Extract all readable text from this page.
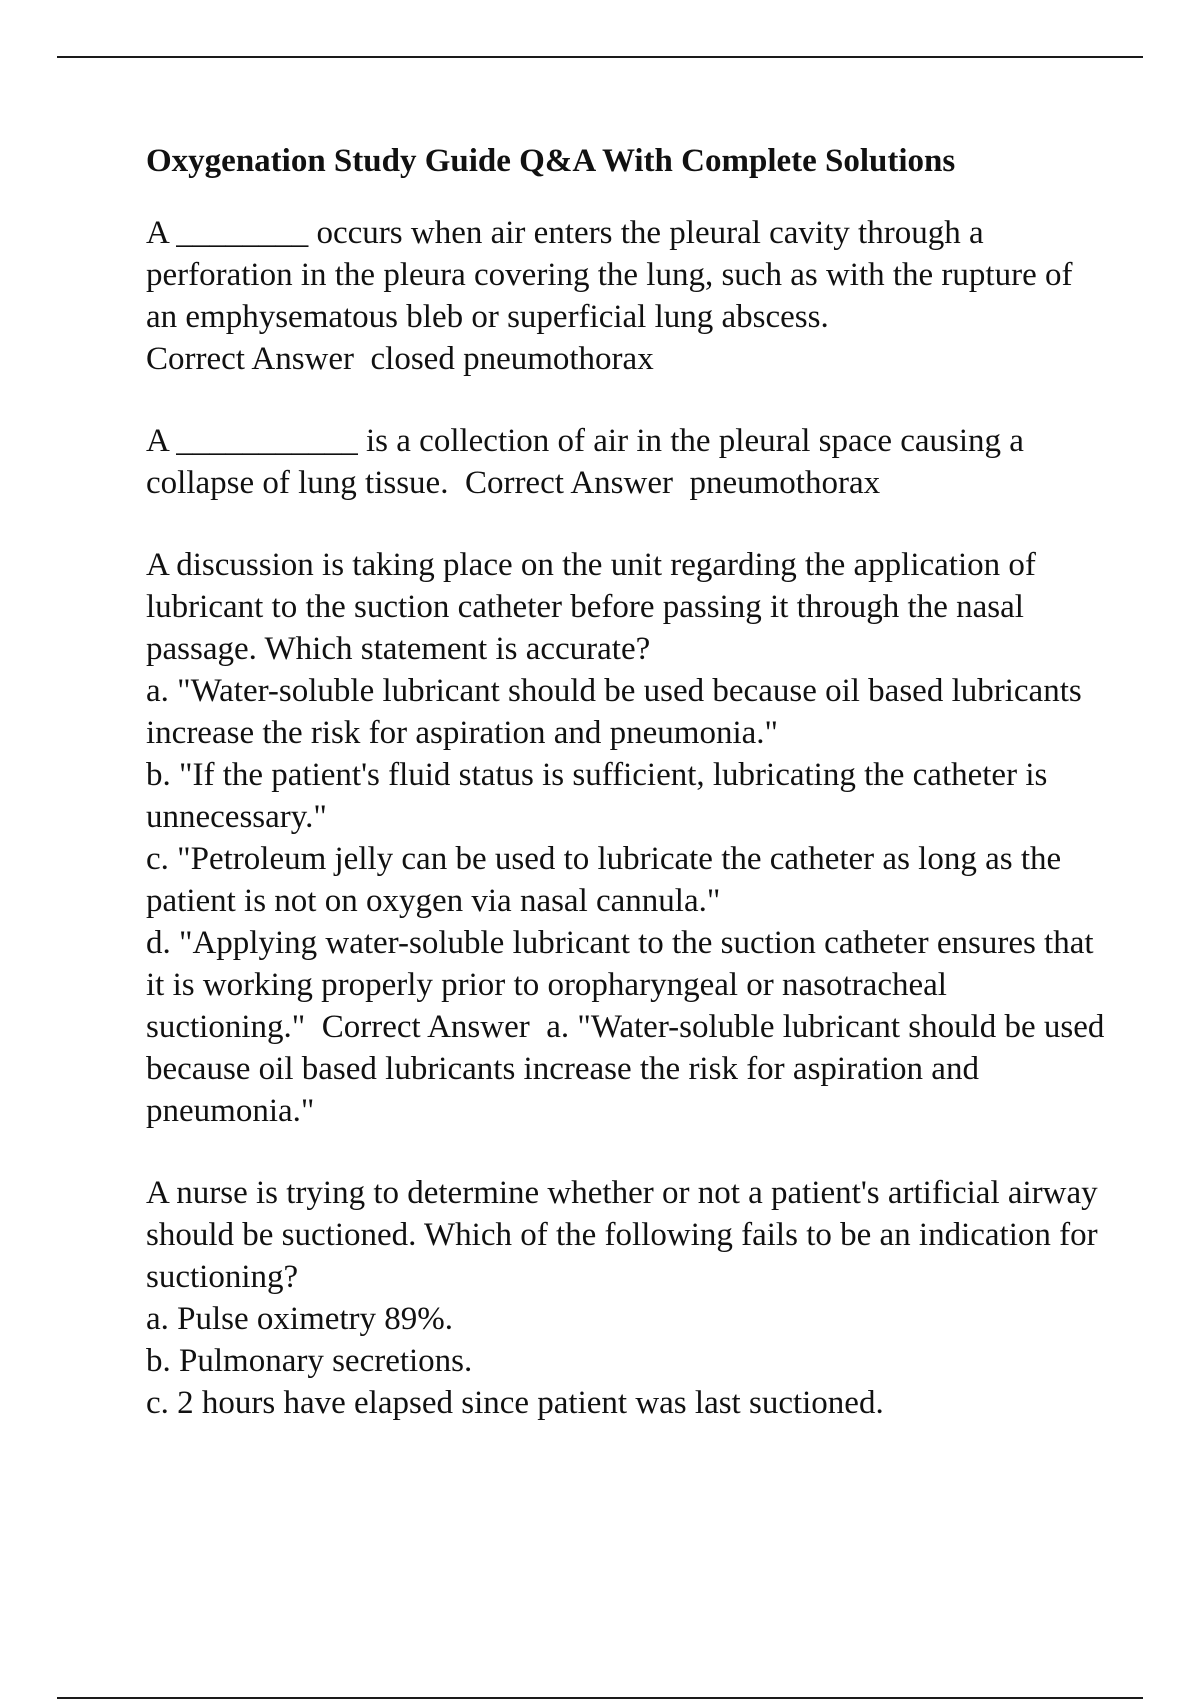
Oxygenation Study Guide Q&A With Complete Solutions

A ________ occurs when air enters the pleural cavity through a perforation in the pleura covering the lung, such as with the rupture of an emphysematous bleb or superficial lung abscess.

Correct Answer  closed pneumothorax

A ___________ is a collection of air in the pleural space causing a collapse of lung tissue.  Correct Answer  pneumothorax

A discussion is taking place on the unit regarding the application of lubricant to the suction catheter before passing it through the nasal passage. Which statement is accurate?

a. "Water-soluble lubricant should be used because oil based lubricants increase the risk for aspiration and pneumonia."

b. "If the patient's fluid status is sufficient, lubricating the catheter is unnecessary."

c. "Petroleum jelly can be used to lubricate the catheter as long as the patient is not on oxygen via nasal cannula."

d. "Applying water-soluble lubricant to the suction catheter ensures that it is working properly prior to oropharyngeal or nasotracheal suctioning."  Correct Answer  a. "Water-soluble lubricant should be used because oil based lubricants increase the risk for aspiration and pneumonia."

A nurse is trying to determine whether or not a patient's artificial airway should be suctioned. Which of the following fails to be an indication for suctioning?

a. Pulse oximetry 89%.

b. Pulmonary secretions.

c. 2 hours have elapsed since patient was last suctioned.
